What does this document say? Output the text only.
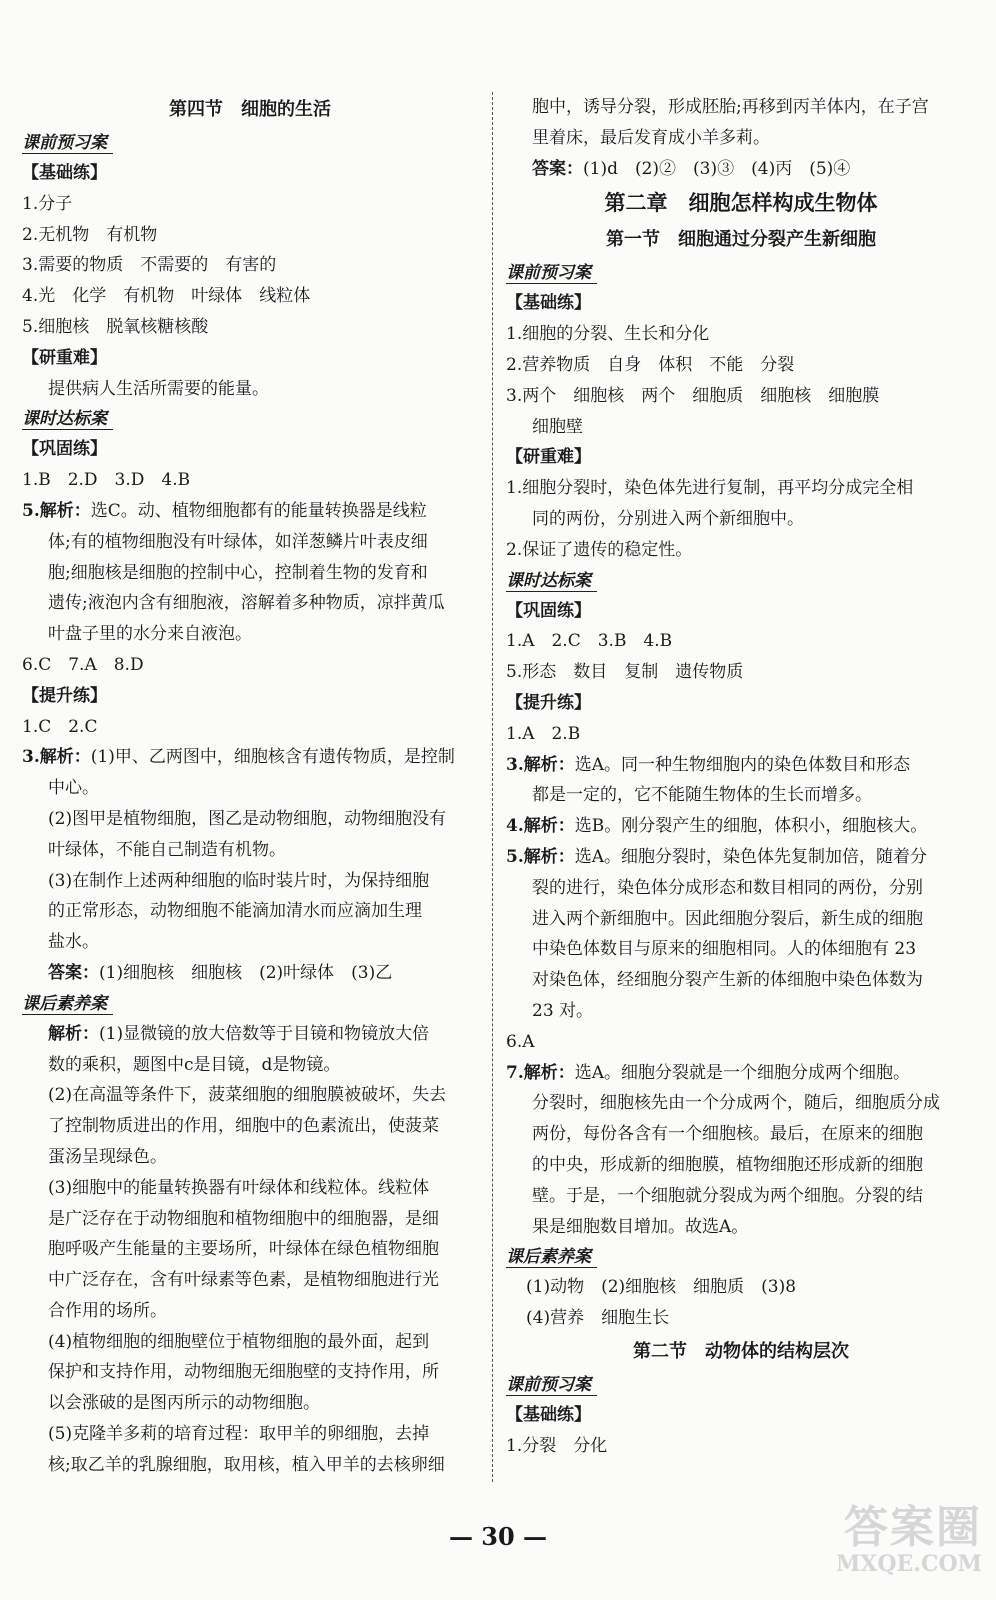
第四节　细胞的生活
课前预习案
【基础练】
1.分子
2.无机物　有机物
3.需要的物质　不需要的　有害的
4.光　化学　有机物　叶绿体　线粒体
5.细胞核　脱氧核糖核酸
【研重难】
提供病人生活所需要的能量。
课时达标案
【巩固练】
1.B　2.D　3.D　4.B
5.解析：选C。动、植物细胞都有的能量转换器是线粒
体;有的植物细胞没有叶绿体，如洋葱鳞片叶表皮细
胞;细胞核是细胞的控制中心，控制着生物的发育和
遗传;液泡内含有细胞液，溶解着多种物质，凉拌黄瓜
叶盘子里的水分来自液泡。
6.C　7.A　8.D
【提升练】
1.C　2.C
3.解析：(1)甲、乙两图中，细胞核含有遗传物质，是控制
中心。
(2)图甲是植物细胞，图乙是动物细胞，动物细胞没有
叶绿体，不能自己制造有机物。
(3)在制作上述两种细胞的临时装片时，为保持细胞
的正常形态，动物细胞不能滴加清水而应滴加生理
盐水。
答案：(1)细胞核　细胞核　(2)叶绿体　(3)乙
课后素养案
解析：(1)显微镜的放大倍数等于目镜和物镜放大倍
数的乘积，题图中c是目镜，d是物镜。
(2)在高温等条件下，菠菜细胞的细胞膜被破坏，失去
了控制物质进出的作用，细胞中的色素流出，使菠菜
蛋汤呈现绿色。
(3)细胞中的能量转换器有叶绿体和线粒体。线粒体
是广泛存在于动物细胞和植物细胞中的细胞器，是细
胞呼吸产生能量的主要场所，叶绿体在绿色植物细胞
中广泛存在，含有叶绿素等色素，是植物细胞进行光
合作用的场所。
(4)植物细胞的细胞壁位于植物细胞的最外面，起到
保护和支持作用，动物细胞无细胞壁的支持作用，所
以会涨破的是图丙所示的动物细胞。
(5)克隆羊多莉的培育过程：取甲羊的卵细胞，去掉
核;取乙羊的乳腺细胞，取用核，植入甲羊的去核卵细
胞中，诱导分裂，形成胚胎;再移到丙羊体内，在子宫
里着床，最后发育成小羊多莉。
答案：(1)d　(2)②　(3)③　(4)丙　(5)④
第二章　细胞怎样构成生物体
第一节　细胞通过分裂产生新细胞
课前预习案
【基础练】
1.细胞的分裂、生长和分化
2.营养物质　自身　体积　不能　分裂
3.两个　细胞核　两个　细胞质　细胞核　细胞膜
细胞壁
【研重难】
1.细胞分裂时，染色体先进行复制，再平均分成完全相
同的两份，分别进入两个新细胞中。
2.保证了遗传的稳定性。
课时达标案
【巩固练】
1.A　2.C　3.B　4.B
5.形态　数目　复制　遗传物质
【提升练】
1.A　2.B
3.解析：选A。同一种生物细胞内的染色体数目和形态
都是一定的，它不能随生物体的生长而增多。
4.解析：选B。刚分裂产生的细胞，体积小，细胞核大。
5.解析：选A。细胞分裂时，染色体先复制加倍，随着分
裂的进行，染色体分成形态和数目相同的两份，分别
进入两个新细胞中。因此细胞分裂后，新生成的细胞
中染色体数目与原来的细胞相同。人的体细胞有 23
对染色体，经细胞分裂产生新的体细胞中染色体数为
23 对。
6.A
7.解析：选A。细胞分裂就是一个细胞分成两个细胞。
分裂时，细胞核先由一个分成两个，随后，细胞质分成
两份，每份各含有一个细胞核。最后，在原来的细胞
的中央，形成新的细胞膜，植物细胞还形成新的细胞
壁。于是，一个细胞就分裂成为两个细胞。分裂的结
果是细胞数目增加。故选A。
课后素养案
(1)动物　(2)细胞核　细胞质　(3)8
(4)营养　细胞生长
第二节　动物体的结构层次
课前预习案
【基础练】
1.分裂　分化
— 30 —	答案圈
MXQE.COM
